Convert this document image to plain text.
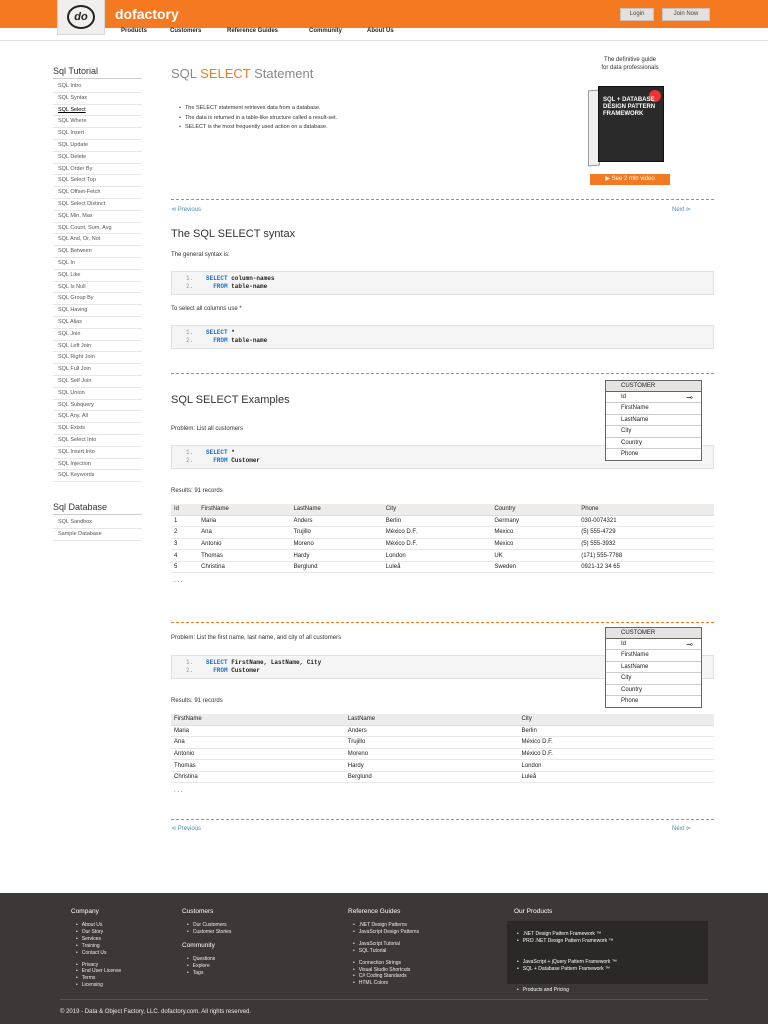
do	dofactory	Login	Join Now
Products	Customers	Reference Guides	Community	About Us
Sql Tutorial
SQL Intro
SQL Syntax
SQL Select
SQL Where
SQL Insert
SQL Update
SQL Delete
SQL Order By
SQL Select Top
SQL Offset-Fetch
SQL Select Distinct
SQL Min, Max
SQL Count, Sum, Avg
SQL And, Or, Not
SQL Between
SQL In
SQL Like
SQL Is Null
SQL Group By
SQL Having
SQL Alias
SQL Join
SQL Left Join
SQL Right Join
SQL Full Join
SQL Self Join
SQL Union
SQL Subquery
SQL Any, All
SQL Exists
SQL Select Into
SQL Insert Into
SQL Injection
SQL Keywords
Sql Database
SQL Sandbox
Sample Database
SQL SELECT Statement
• The SELECT statement retrieves data from a database.
• The data is returned in a table-like structure called a result-set.
• SELECT is the most frequently used action on a database.
The definitive guide
for data professionals
SQL + DATABASE DESIGN PATTERN FRAMEWORK
▶ See 2 min video
⊲ Previous	Next ⊳
The SQL SELECT syntax
The general syntax is:
1. SELECT column-names
2. FROM table-name
To select all columns use *
1. SELECT *
2. FROM table-name
SQL SELECT Examples
Problem: List all customers
1. SELECT *
2. FROM Customer
Results: 91 records
Id	FirstName	LastName	City	Country	Phone
1	Maria	Anders	Berlin	Germany	030-0074321
2	Ana	Trujillo	México D.F.	Mexico	(5) 555-4729
3	Antonio	Moreno	México D.F.	Mexico	(5) 555-3932
4	Thomas	Hardy	London	UK	(171) 555-7788
5	Christina	Berglund	Luleå	Sweden	0921-12 34 65
. . .
Problem: List the first name, last name, and city of all customers
1. SELECT FirstName, LastName, City
2. FROM Customer
Results: 91 records
FirstName	LastName	City
Maria	Anders	Berlin
Ana	Trujillo	México D.F.
Antonio	Moreno	México D.F.
Thomas	Hardy	London
Christina	Berglund	Luleå
. . .
⊲ Previous	Next ⊳
CUSTOMER
Id	⊸
FirstName
LastName
City
Country
Phone
CUSTOMER
Id	⊸
FirstName
LastName
City
Country
Phone
Company
• About Us
• Our Story
• Services
• Training
• Contact Us
• Privacy
• End User License
• Terms
• Licensing
Customers
• Our Customers
• Customer Stories
Community
• Questions
• Explore
• Tags
Reference Guides
• .NET Design Patterns
• JavaScript Design Patterns
• JavaScript Tutorial
• SQL Tutorial
• Connection Strings
• Visual Studio Shortcuts
• C# Coding Standards
• HTML Colors
Our Products
• .NET Design Pattern Framework ™
• PRO .NET Design Pattern Framework ™
• JavaScript + jQuery Pattern Framework ™
• SQL + Database Pattern Framework ™
• Products and Pricing
© 2019 - Data & Object Factory, LLC. dofactory.com. All rights reserved.
